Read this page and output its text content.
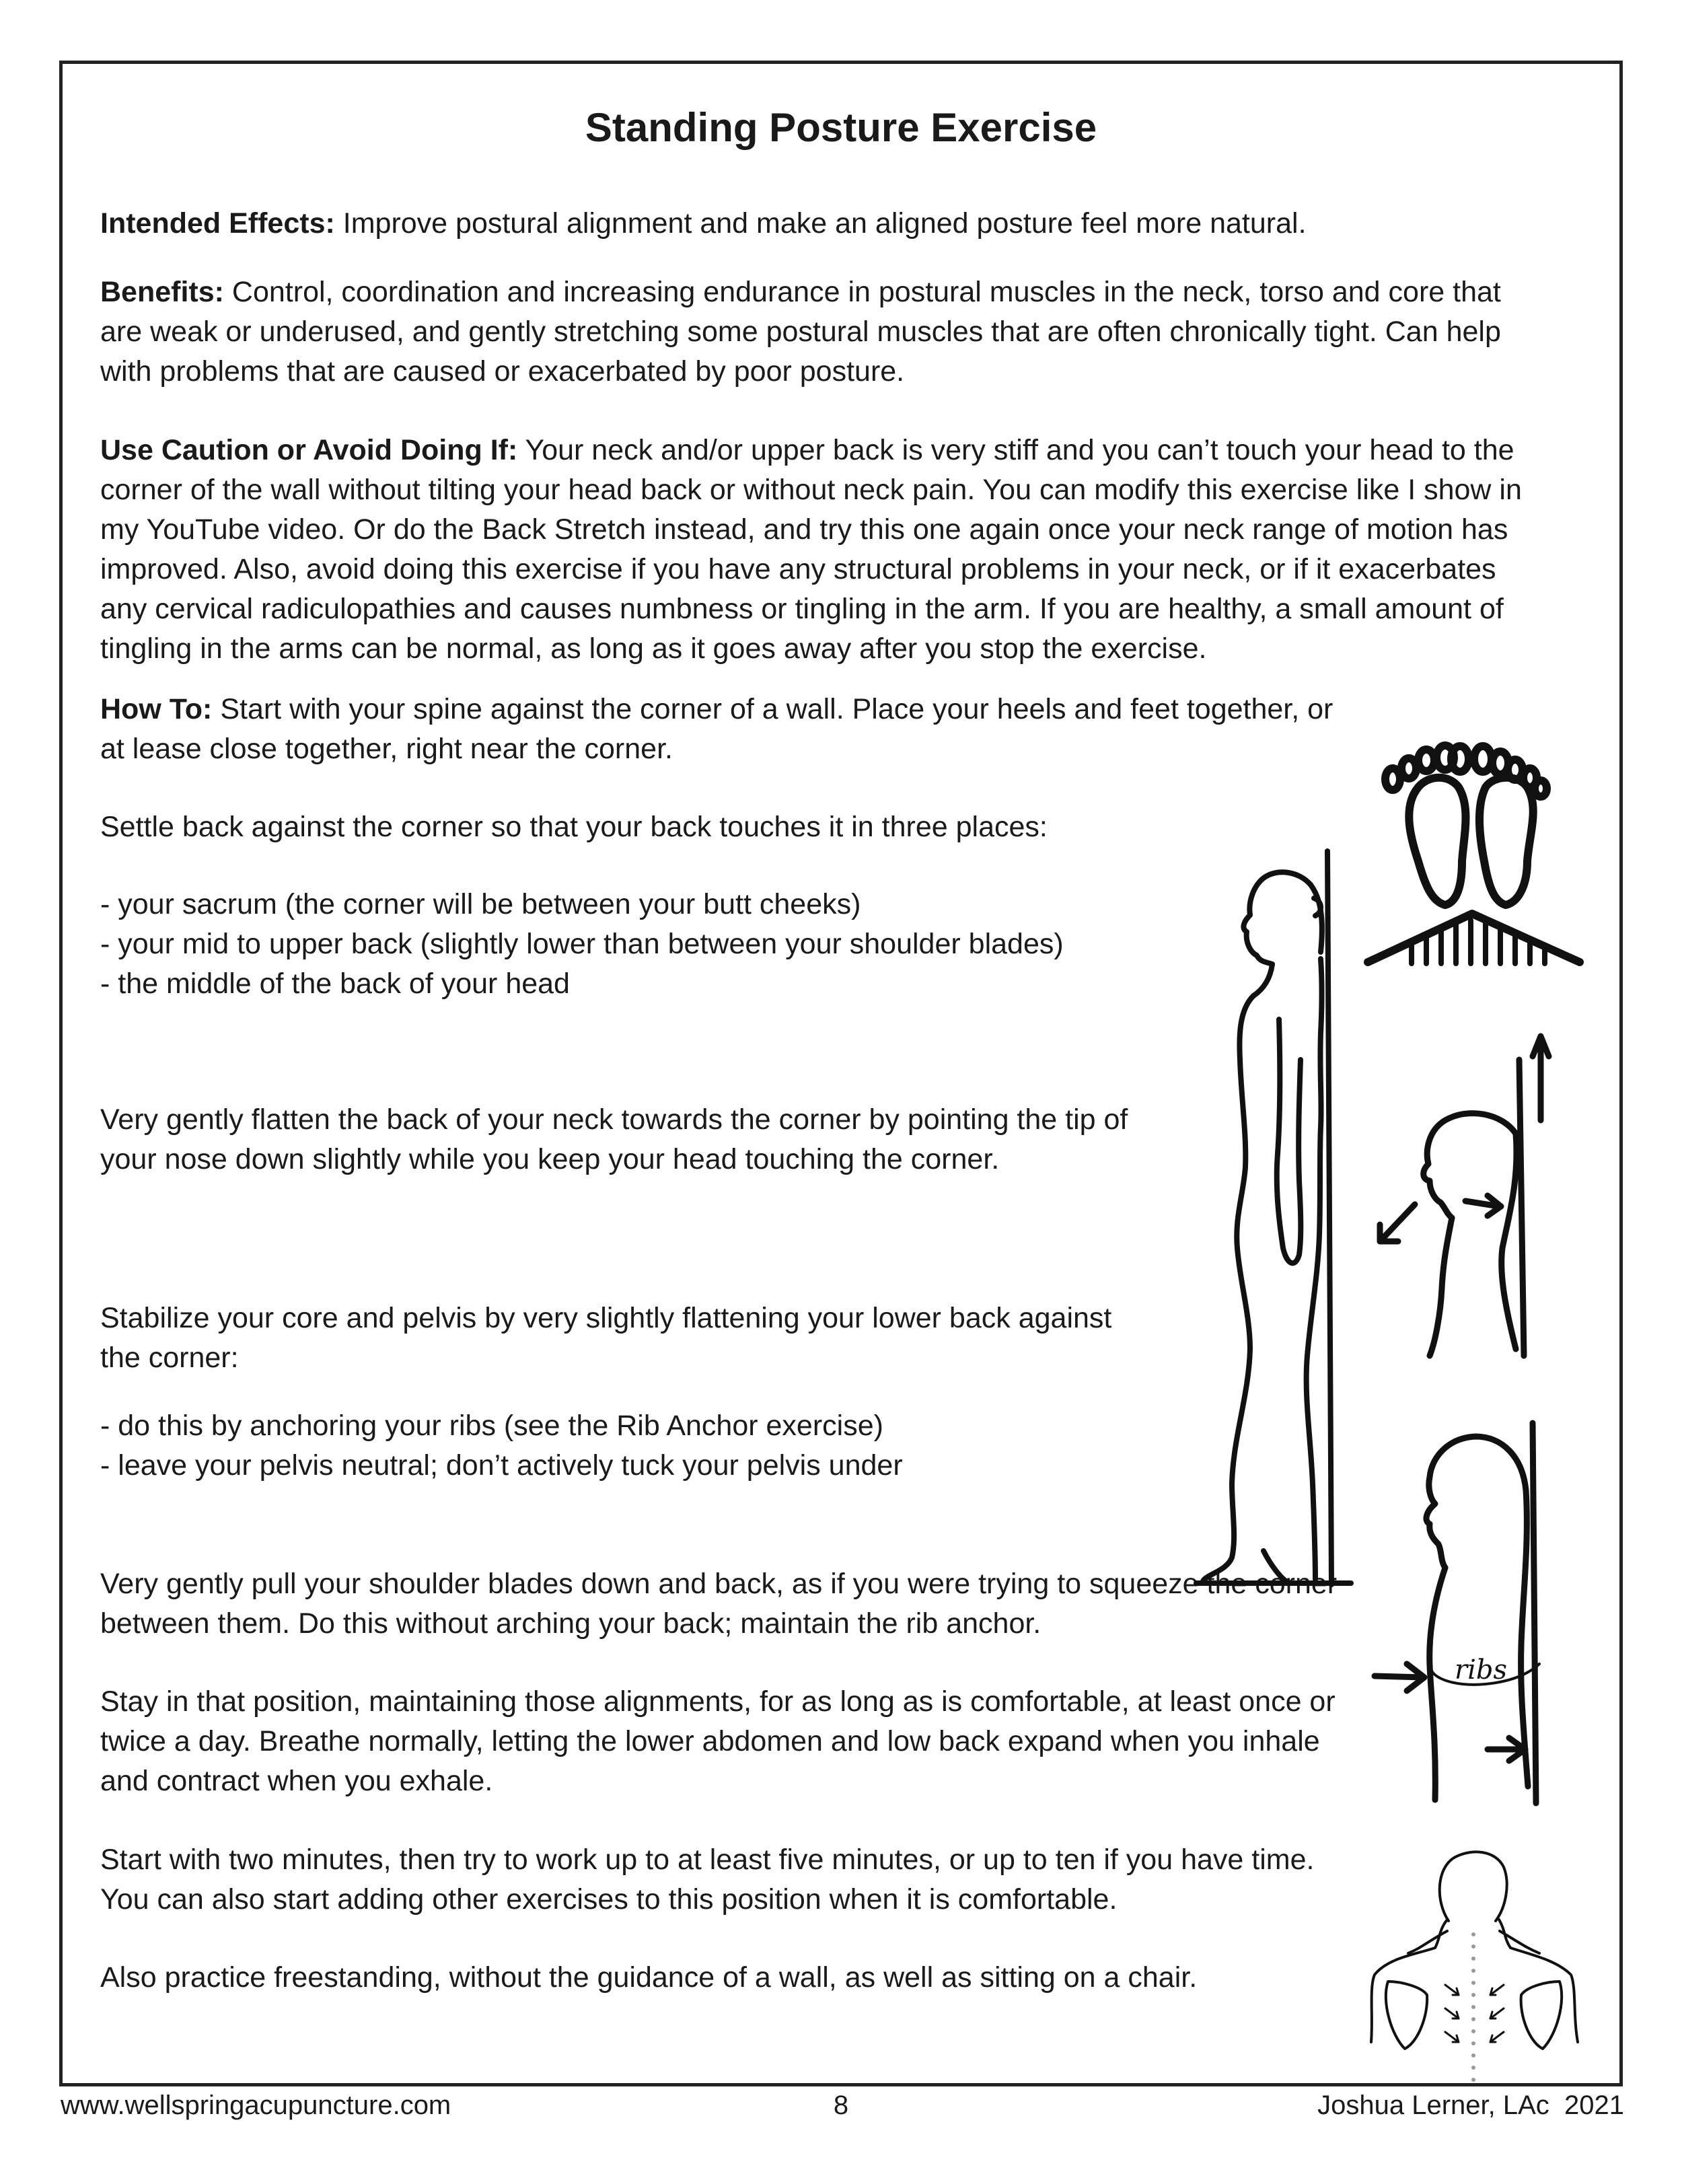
Standing Posture Exercise

Intended Effects: Improve postural alignment and make an aligned posture feel more natural.

Benefits: Control, coordination and increasing endurance in postural muscles in the neck, torso and core that are weak or underused, and gently stretching some postural muscles that are often chronically tight. Can help with problems that are caused or exacerbated by poor posture.

Use Caution or Avoid Doing If: Your neck and/or upper back is very stiff and you can’t touch your head to the corner of the wall without tilting your head back or without neck pain. You can modify this exercise like I show in my YouTube video. Or do the Back Stretch instead, and try this one again once your neck range of motion has improved. Also, avoid doing this exercise if you have any structural problems in your neck, or if it exacerbates any cervical radiculopathies and causes numbness or tingling in the arm. If you are healthy, a small amount of tingling in the arms can be normal, as long as it goes away after you stop the exercise.

How To: Start with your spine against the corner of a wall. Place your heels and feet together, or at lease close together, right near the corner.

Settle back against the corner so that your back touches it in three places:

- your sacrum (the corner will be between your butt cheeks)
- your mid to upper back (slightly lower than between your shoulder blades)
- the middle of the back of your head

Very gently flatten the back of your neck towards the corner by pointing the tip of your nose down slightly while you keep your head touching the corner.

Stabilize your core and pelvis by very slightly flattening your lower back against the corner:

- do this by anchoring your ribs (see the Rib Anchor exercise)
- leave your pelvis neutral; don’t actively tuck your pelvis under

Very gently pull your shoulder blades down and back, as if you were trying to squeeze the corner between them. Do this without arching your back; maintain the rib anchor.

Stay in that position, maintaining those alignments, for as long as is comfortable, at least once or twice a day. Breathe normally, letting the lower abdomen and low back expand when you inhale and contract when you exhale.

Start with two minutes, then try to work up to at least five minutes, or up to ten if you have time. You can also start adding other exercises to this position when it is comfortable.

Also practice freestanding, without the guidance of a wall, as well as sitting on a chair.

ribs

www.wellspringacupuncture.com	8	Joshua Lerner, LAc  2021
